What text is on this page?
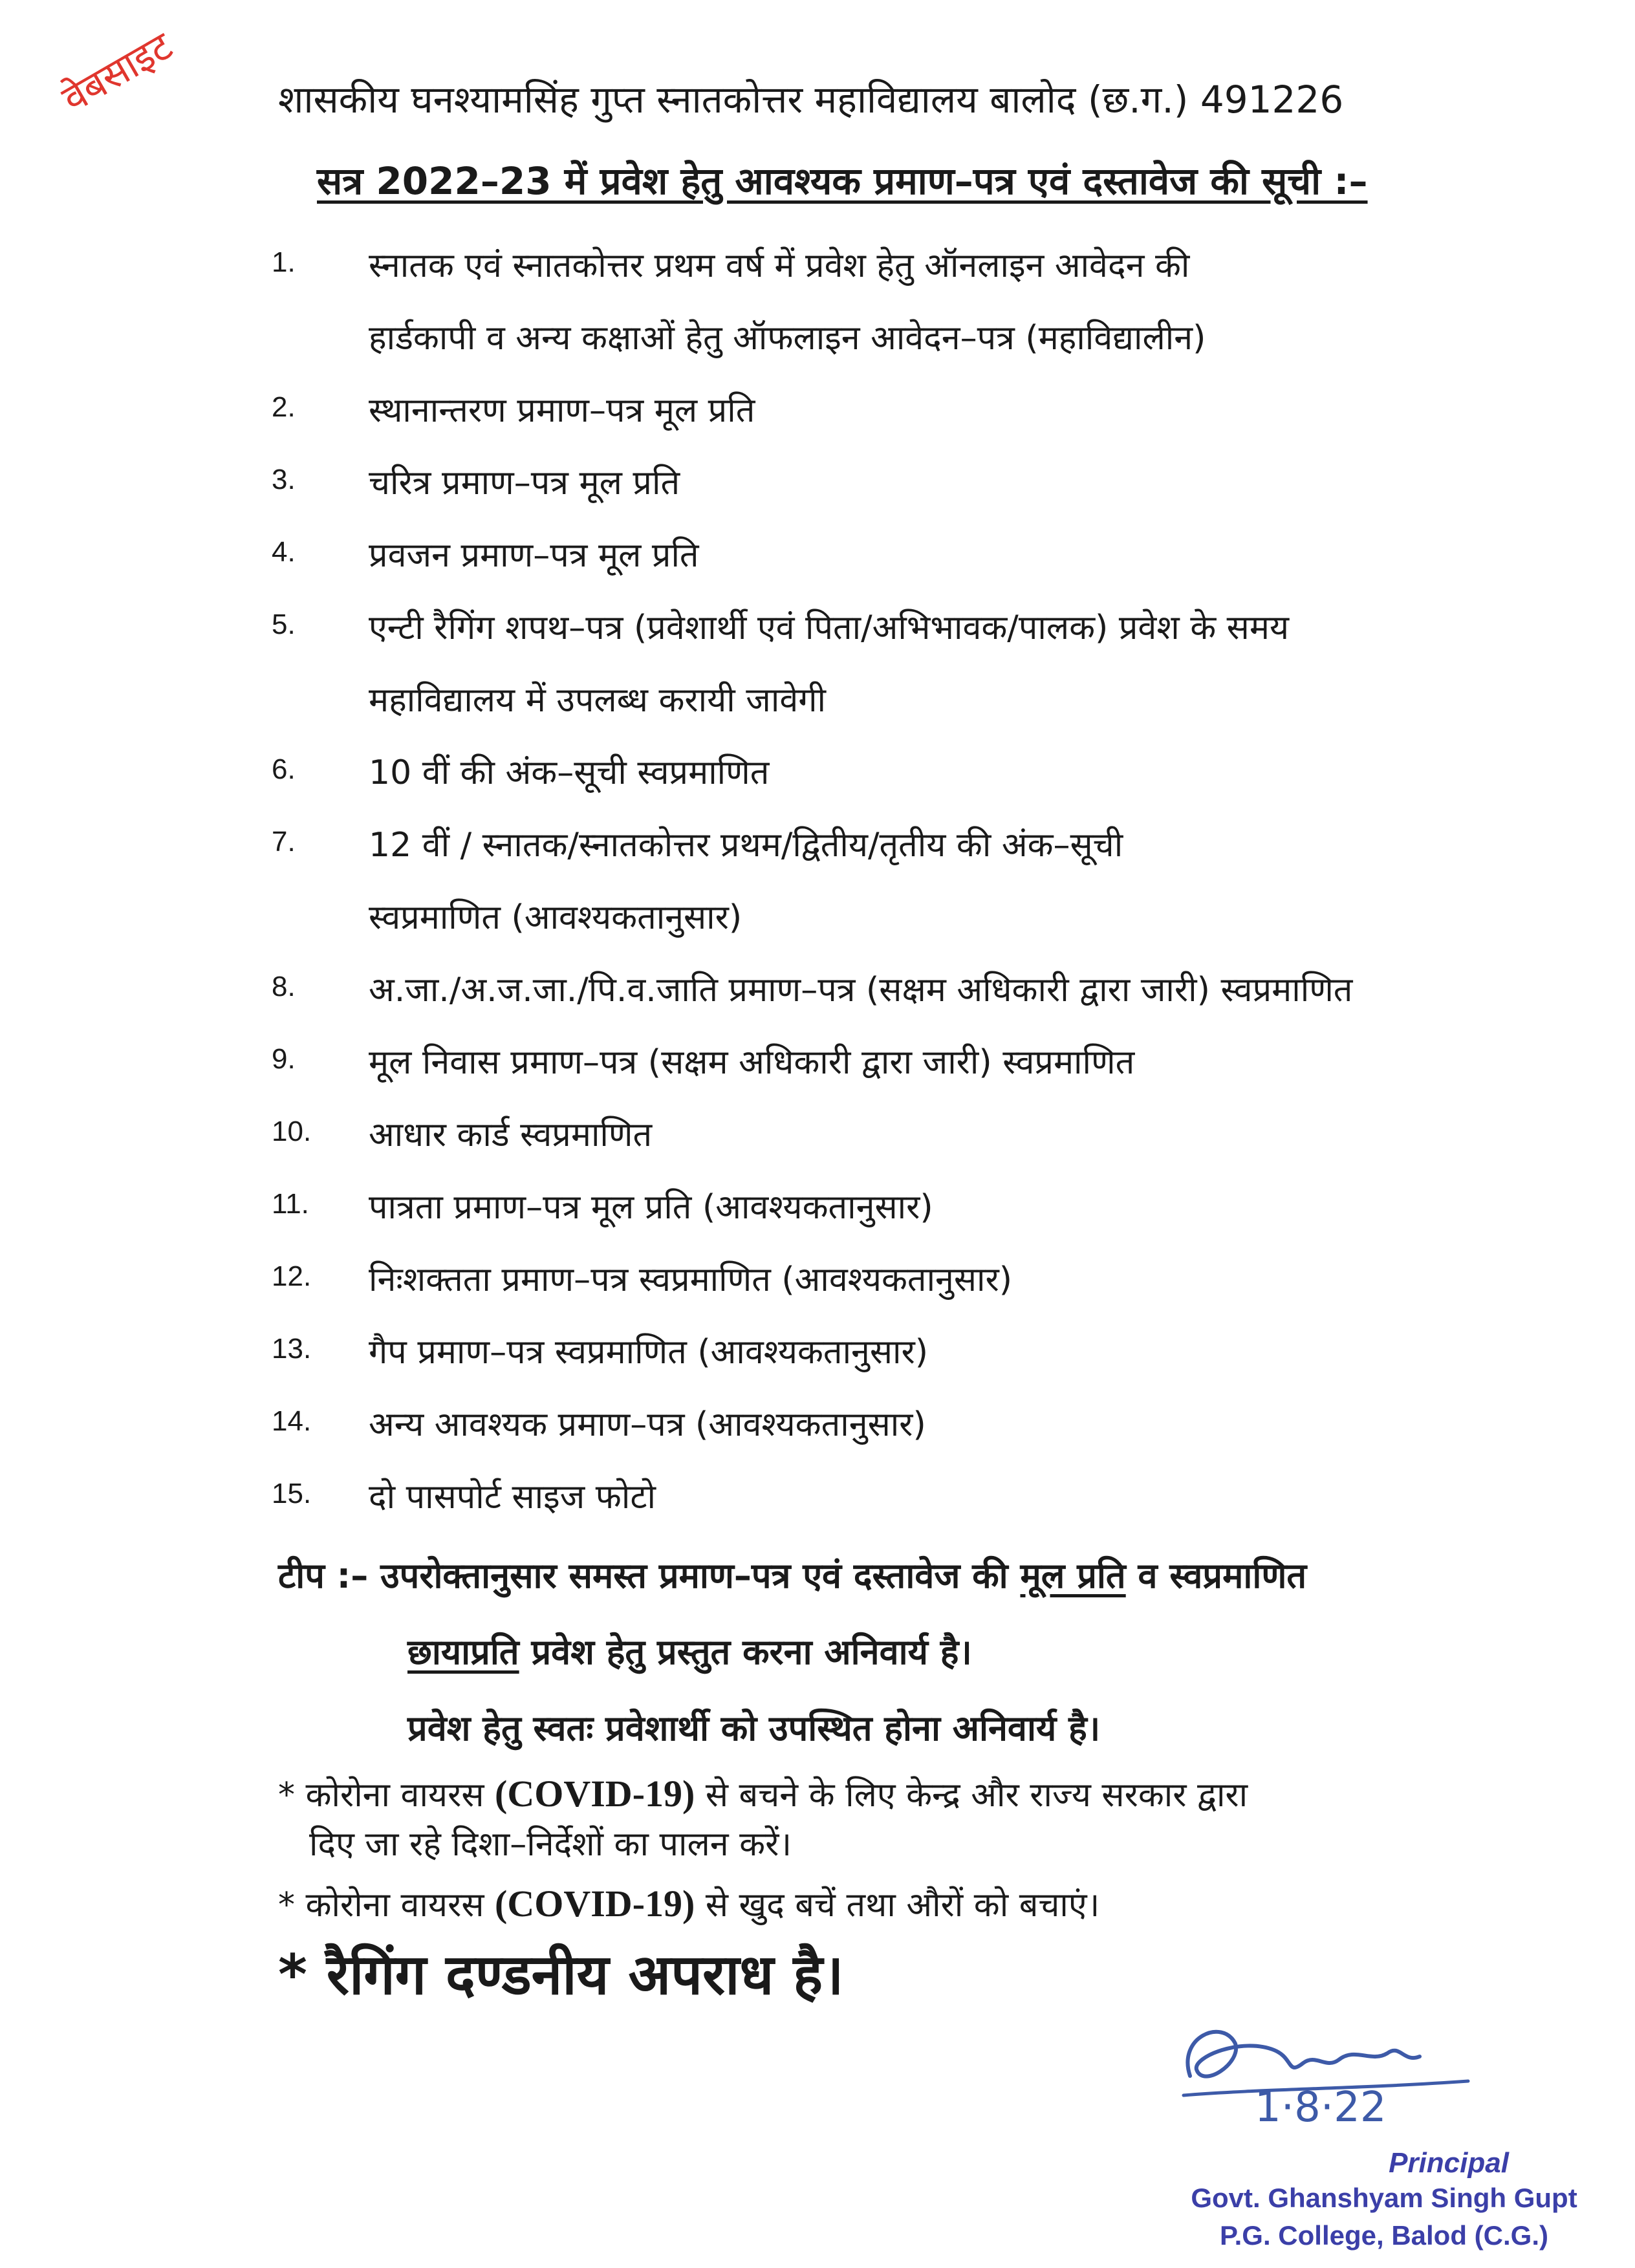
वेबसाइट	शासकीय घनश्यामसिंह गुप्त स्नातकोत्तर महाविद्यालय बालोद (छ.ग.) 491226
सत्र 2022–23 में प्रवेश हेतु आवश्यक प्रमाण–पत्र एवं दस्तावेज की सूची :–
1.	स्नातक एवं स्नातकोत्तर प्रथम वर्ष में प्रवेश हेतु ऑनलाइन आवेदन की
हार्डकापी व अन्य कक्षाओं हेतु ऑफलाइन आवेदन–पत्र (महाविद्यालीन)
2.	स्थानान्तरण प्रमाण–पत्र मूल प्रति
3.	चरित्र प्रमाण–पत्र मूल प्रति
4.	प्रवजन प्रमाण–पत्र मूल प्रति
5.	एन्टी रैगिंग शपथ–पत्र (प्रवेशार्थी एवं पिता/अभिभावक/पालक) प्रवेश के समय
महाविद्यालय में उपलब्ध करायी जावेगी
6.	10 वीं की अंक–सूची स्वप्रमाणित
7.	12 वीं / स्नातक/स्नातकोत्तर प्रथम/द्वितीय/तृतीय की अंक–सूची
स्वप्रमाणित (आवश्यकतानुसार)
8.	अ.जा./अ.ज.जा./पि.व.जाति प्रमाण–पत्र (सक्षम अधिकारी द्वारा जारी) स्वप्रमाणित
9.	मूल निवास प्रमाण–पत्र (सक्षम अधिकारी द्वारा जारी) स्वप्रमाणित
10.	आधार कार्ड स्वप्रमाणित
11.	पात्रता प्रमाण–पत्र मूल प्रति (आवश्यकतानुसार)
12.	निःशक्तता प्रमाण–पत्र स्वप्रमाणित (आवश्यकतानुसार)
13.	गैप प्रमाण–पत्र स्वप्रमाणित (आवश्यकतानुसार)
14.	अन्य आवश्यक प्रमाण–पत्र (आवश्यकतानुसार)
15.	दो पासपोर्ट साइज फोटो
टीप :– उपरोक्तानुसार समस्त प्रमाण–पत्र एवं दस्तावेज की मूल प्रति व स्वप्रमाणित
छायाप्रति प्रवेश हेतु प्रस्तुत करना अनिवार्य है।
प्रवेश हेतु स्वतः प्रवेशार्थी को उपस्थित होना अनिवार्य है।
* कोरोना वायरस (COVID-19) से बचने के लिए केन्द्र और राज्य सरकार द्वारा
दिए जा रहे दिशा–निर्देशों का पालन करें।
* कोरोना वायरस (COVID-19) से खुद बचें तथा औरों को बचाएं।
* रैगिंग दण्डनीय अपराध है।
1·8·22
Principal
Govt. Ghanshyam Singh Gupt
P.G. College, Balod (C.G.)
